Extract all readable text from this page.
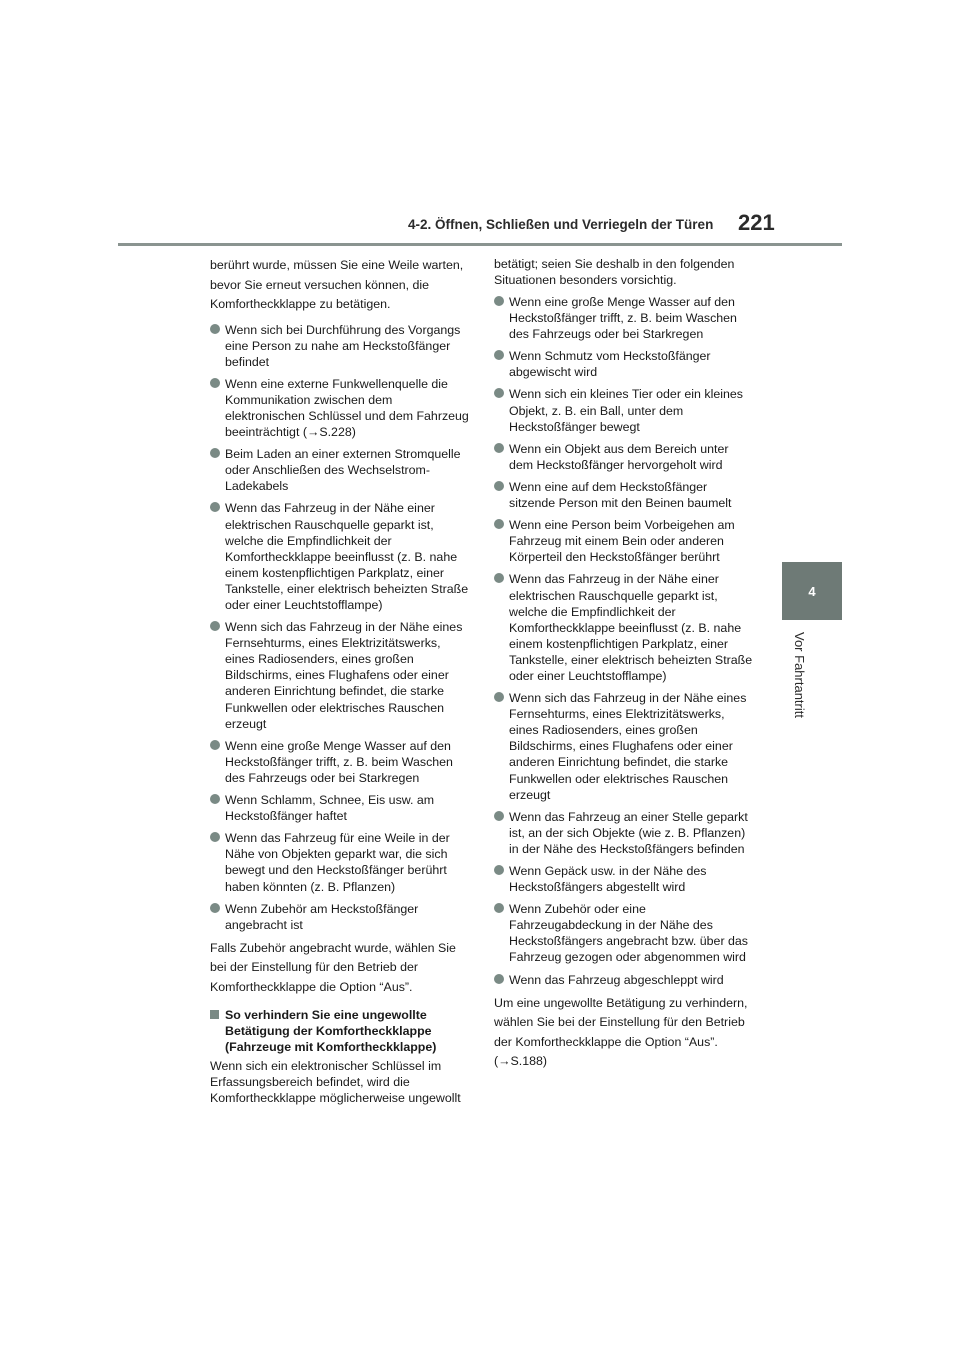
4-2. Öffnen, Schließen und Verriegeln der Türen 221
4
Vor Fahrtantritt

berührt wurde, müssen Sie eine Weile warten, bevor Sie erneut versuchen können, die Komfortheckklappe zu betätigen.

Wenn sich bei Durchführung des Vorgangs eine Person zu nahe am Heckstoßfänger befindet
Wenn eine externe Funkwellenquelle die Kommunikation zwischen dem elektronischen Schlüssel und dem Fahrzeug beeinträchtigt (→S.228)
Beim Laden an einer externen Stromquelle oder Anschließen des Wechselstrom-Ladekabels
Wenn das Fahrzeug in der Nähe einer elektrischen Rauschquelle geparkt ist, welche die Empfindlichkeit der Komfortheckklappe beeinflusst (z. B. nahe einem kostenpflichtigen Parkplatz, einer Tankstelle, einer elektrisch beheizten Straße oder einer Leuchtstofflampe)
Wenn sich das Fahrzeug in der Nähe eines Fernsehturms, eines Elektrizitätswerks, eines Radiosenders, eines großen Bildschirms, eines Flughafens oder einer anderen Einrichtung befindet, die starke Funkwellen oder elektrisches Rauschen erzeugt
Wenn eine große Menge Wasser auf den Heckstoßfänger trifft, z. B. beim Waschen des Fahrzeugs oder bei Starkregen
Wenn Schlamm, Schnee, Eis usw. am Heckstoßfänger haftet
Wenn das Fahrzeug für eine Weile in der Nähe von Objekten geparkt war, die sich bewegt und den Heckstoßfänger berührt haben könnten (z. B. Pflanzen)
Wenn Zubehör am Heckstoßfänger angebracht ist

Falls Zubehör angebracht wurde, wählen Sie bei der Einstellung für den Betrieb der Komfortheckklappe die Option “Aus”.

So verhindern Sie eine ungewollte Betätigung der Komfortheckklappe (Fahrzeuge mit Komfortheckklappe)

Wenn sich ein elektronischer Schlüssel im Erfassungsbereich befindet, wird die Komfortheckklappe möglicherweise ungewollt

betätigt; seien Sie deshalb in den folgenden Situationen besonders vorsichtig.

Wenn eine große Menge Wasser auf den Heckstoßfänger trifft, z. B. beim Waschen des Fahrzeugs oder bei Starkregen
Wenn Schmutz vom Heckstoßfänger abgewischt wird
Wenn sich ein kleines Tier oder ein kleines Objekt, z. B. ein Ball, unter dem Heckstoßfänger bewegt
Wenn ein Objekt aus dem Bereich unter dem Heckstoßfänger hervorgeholt wird
Wenn eine auf dem Heckstoßfänger sitzende Person mit den Beinen baumelt
Wenn eine Person beim Vorbeigehen am Fahrzeug mit einem Bein oder anderen Körperteil den Heckstoßfänger berührt
Wenn das Fahrzeug in der Nähe einer elektrischen Rauschquelle geparkt ist, welche die Empfindlichkeit der Komfortheckklappe beeinflusst (z. B. nahe einem kostenpflichtigen Parkplatz, einer Tankstelle, einer elektrisch beheizten Straße oder einer Leuchtstofflampe)
Wenn sich das Fahrzeug in der Nähe eines Fernsehturms, eines Elektrizitätswerks, eines Radiosenders, eines großen Bildschirms, eines Flughafens oder einer anderen Einrichtung befindet, die starke Funkwellen oder elektrisches Rauschen erzeugt
Wenn das Fahrzeug an einer Stelle geparkt ist, an der sich Objekte (wie z. B. Pflanzen) in der Nähe des Heckstoßfängers befinden
Wenn Gepäck usw. in der Nähe des Heckstoßfängers abgestellt wird
Wenn Zubehör oder eine Fahrzeugabdeckung in der Nähe des Heckstoßfängers angebracht bzw. über das Fahrzeug gezogen oder abgenommen wird
Wenn das Fahrzeug abgeschleppt wird

Um eine ungewollte Betätigung zu verhindern, wählen Sie bei der Einstellung für den Betrieb der Komfortheckklappe die Option “Aus”. (→S.188)
